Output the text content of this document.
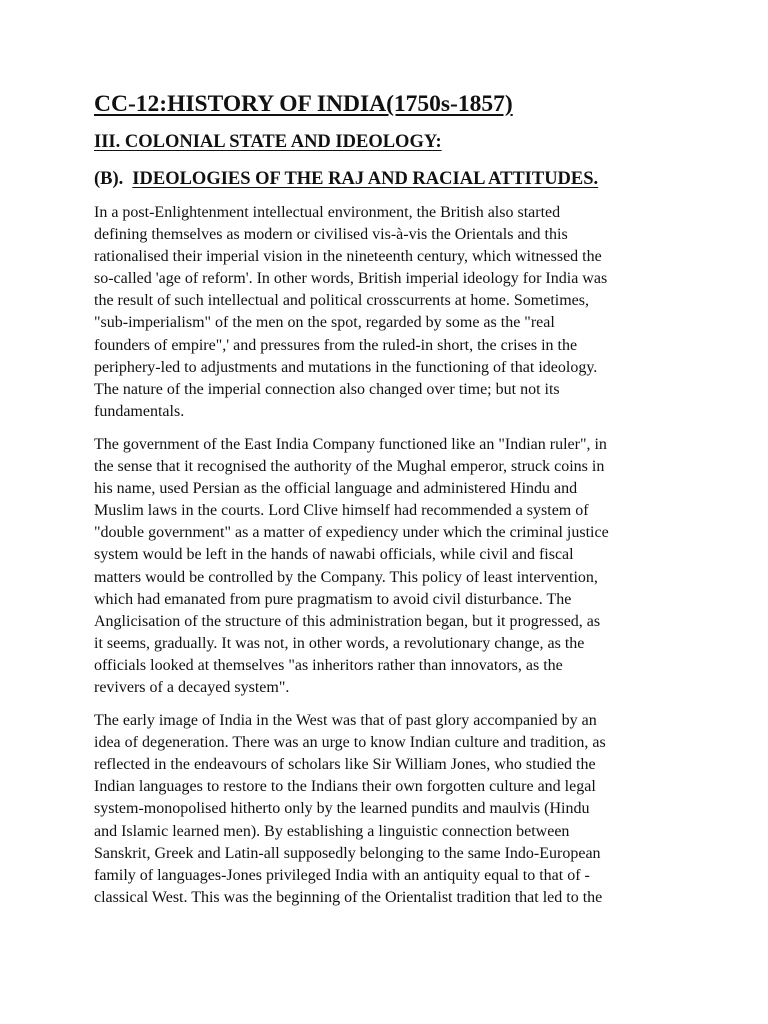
CC-12:HISTORY OF INDIA(1750s-1857)
III. COLONIAL STATE AND IDEOLOGY:
(B). IDEOLOGIES OF THE RAJ AND RACIAL ATTITUDES.

In a post-Enlightenment intellectual environment, the British also started
defining themselves as modern or civilised vis-à-vis the Orientals and this
rationalised their imperial vision in the nineteenth century, which witnessed the
so-called 'age of reform'. In other words, British imperial ideology for India was
the result of such intellectual and political crosscurrents at home. Sometimes,
"sub-imperialism" of the men on the spot, regarded by some as the "real
founders of empire",' and pressures from the ruled-in short, the crises in the
periphery-led to adjustments and mutations in the functioning of that ideology.
The nature of the imperial connection also changed over time; but not its
fundamentals.

The government of the East India Company functioned like an "Indian ruler", in
the sense that it recognised the authority of the Mughal emperor, struck coins in
his name, used Persian as the official language and administered Hindu and
Muslim laws in the courts. Lord Clive himself had recommended a system of
"double government" as a matter of expediency under which the criminal justice
system would be left in the hands of nawabi officials, while civil and fiscal
matters would be controlled by the Company. This policy of least intervention,
which had emanated from pure pragmatism to avoid civil disturbance. The
Anglicisation of the structure of this administration began, but it progressed, as
it seems, gradually. It was not, in other words, a revolutionary change, as the
officials looked at themselves "as inheritors rather than innovators, as the
revivers of a decayed system".

The early image of India in the West was that of past glory accompanied by an
idea of degeneration. There was an urge to know Indian culture and tradition, as
reflected in the endeavours of scholars like Sir William Jones, who studied the
Indian languages to restore to the Indians their own forgotten culture and legal
system-monopolised hitherto only by the learned pundits and maulvis (Hindu
and Islamic learned men). By establishing a linguistic connection between
Sanskrit, Greek and Latin-all supposedly belonging to the same Indo-European
family of languages-Jones privileged India with an antiquity equal to that of -
classical West. This was the beginning of the Orientalist tradition that led to the
